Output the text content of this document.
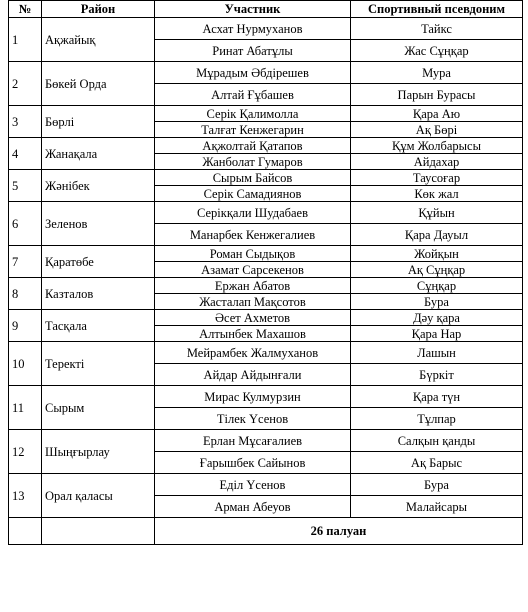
№	Район	Участник	Спортивный псевдоним
1	Ақжайық	Асхат Нурмуханов	Тайкс
		Ринат Абатұлы	Жас Сұңқар
2	Бөкей Орда	Мұрадым Әбдірешев	Мура
		Алтай Ғұбашев	Парын Бурасы
3	Бөрлі	Серік Қалимолла	Қара Аю
		Талғат Кенжегарин	Ақ Бөрі
4	Жанақала	Ақжолтай Қатапов	Құм Жолбарысы
		Жанболат Гумаров	Айдахар
5	Жәнібек	Сырым Байсов	Таусоғар
		Серік Самадиянов	Көк жал
6	Зеленов	Серікқали Шудабаев	Құйын
		Манарбек Кенжегалиев	Қара Дауыл
7	Қаратөбе	Роман Сыдықов	Жойқын
		Азамат Сарсекенов	Ақ Сұңқар
8	Казталов	Ержан Абатов	Сұңқар
		Жасталап Мақсотов	Бура
9	Тасқала	Әсет Ахметов	Дәу қара
		Алтынбек Махашов	Қара Нар
10	Теректі	Мейрамбек Жалмуханов	Лашын
		Айдар Айдынғали	Бүркіт
11	Сырым	Мирас Кулмурзин	Қара түн
		Тілек Үсенов	Тұлпар
12	Шыңғырлау	Ерлан Мұсағалиев	Салқын қанды
		Ғарышбек Сайынов	Ақ Барыс
13	Орал қаласы	Еділ Үсенов	Бура
		Арман Абеуов	Малайсары
		26 палуан	
